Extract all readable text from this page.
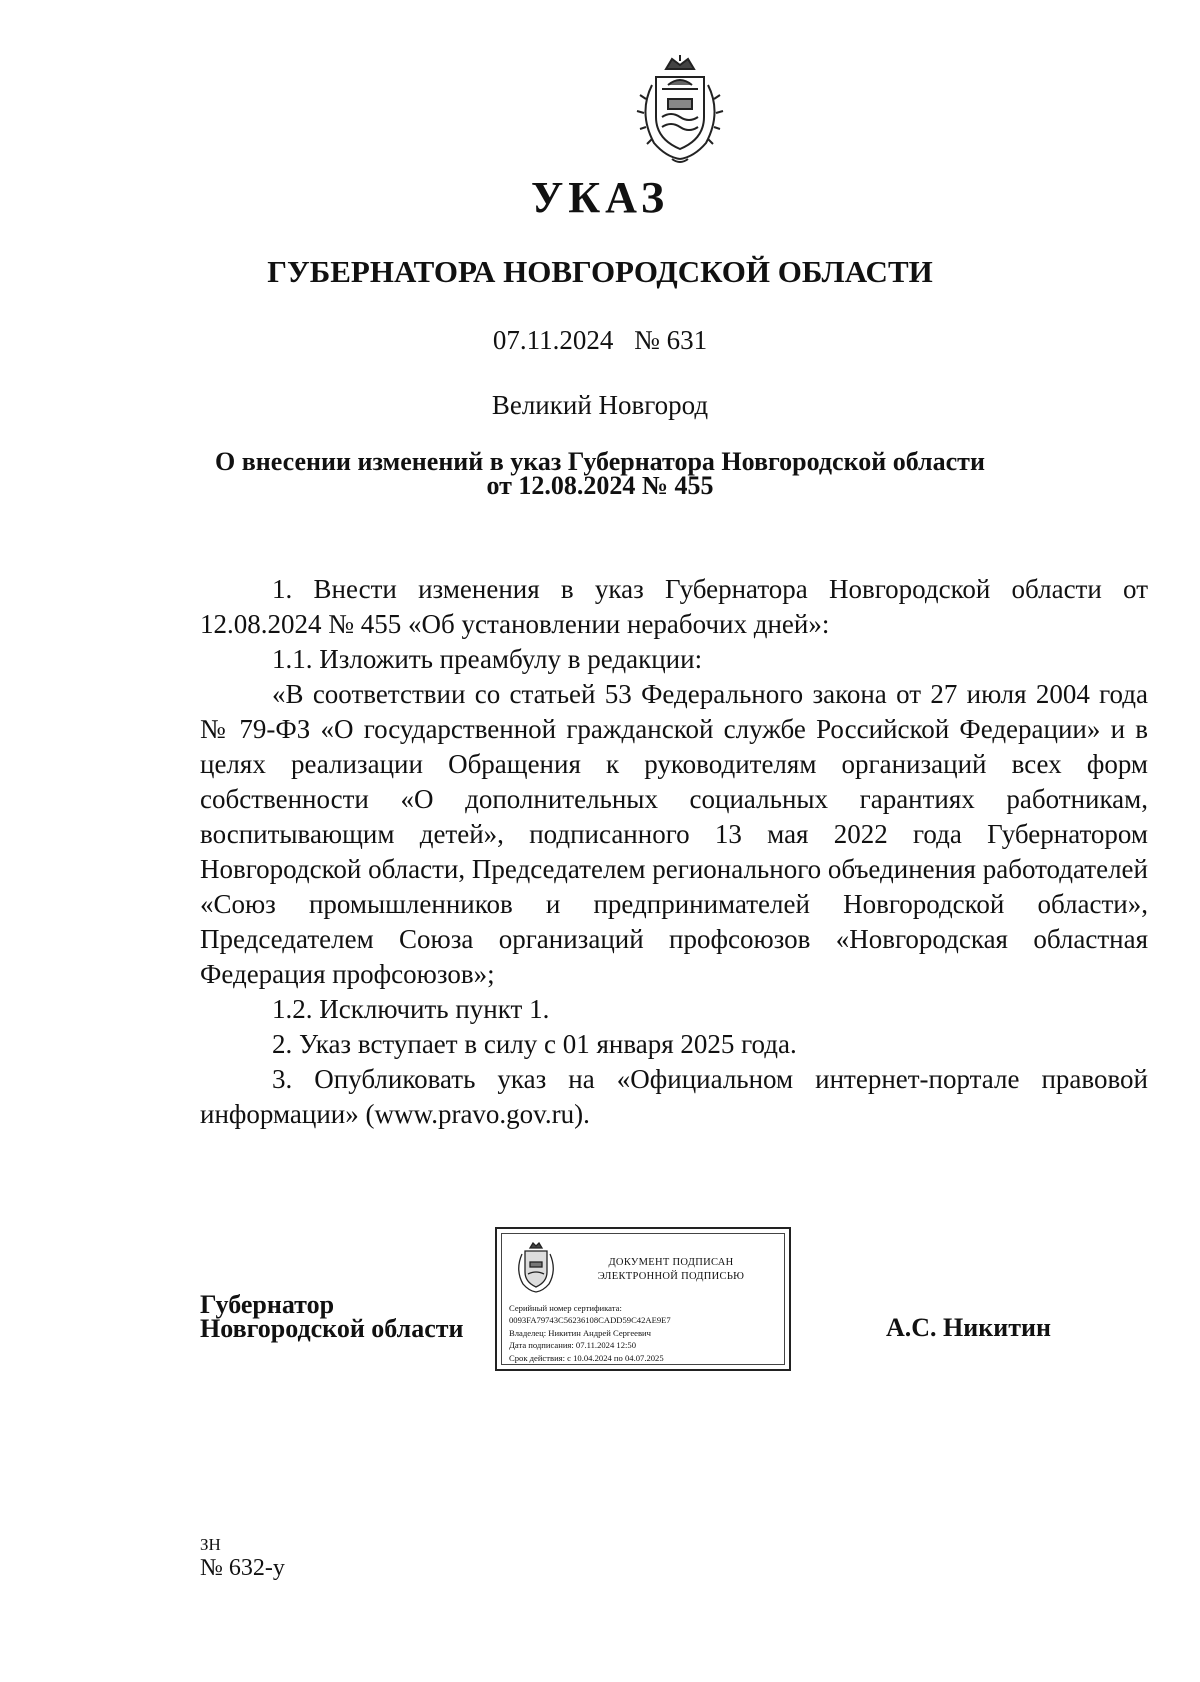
УКАЗ
ГУБЕРНАТОРА НОВГОРОДСКОЙ ОБЛАСТИ
07.11.2024 № 631
Великий Новгород
О внесении изменений в указ Губернатора Новгородской области
от 12.08.2024 № 455

1. Внести изменения в указ Губернатора Новгородской области от 12.08.2024 № 455 «Об установлении нерабочих дней»:

1.1. Изложить преамбулу в редакции:

«В соответствии со статьей 53 Федерального закона от 27 июля 2004 года № 79-ФЗ «О государственной гражданской службе Российской Федерации» и в целях реализации Обращения к руководителям организаций всех форм собственности «О дополнительных социальных гарантиях работникам, воспитывающим детей», подписанного 13 мая 2022 года Губернатором Новгородской области, Председателем регионального объединения работодателей «Союз промышленников и предпринимателей Новгородской области», Председателем Союза организаций профсоюзов «Новгородская областная Федерация профсоюзов»;

1.2. Исключить пункт 1.

2. Указ вступает в силу с 01 января 2025 года.

3. Опубликовать указ на «Официальном интернет-портале правовой информации» (www.pravo.gov.ru).

Губернатор
Новгородской области
ДОКУМЕНТ ПОДПИСАН
ЭЛЕКТРОННОЙ ПОДПИСЬЮ
Серийный номер сертификата:
0093FA79743C56236108CADD59C42AE9E7
Владелец: Никитин Андрей Сергеевич
Дата подписания: 07.11.2024 12:50
Срок действия: с 10.04.2024 по 04.07.2025
А.С. Никитин
ЗН
№ 632-у
